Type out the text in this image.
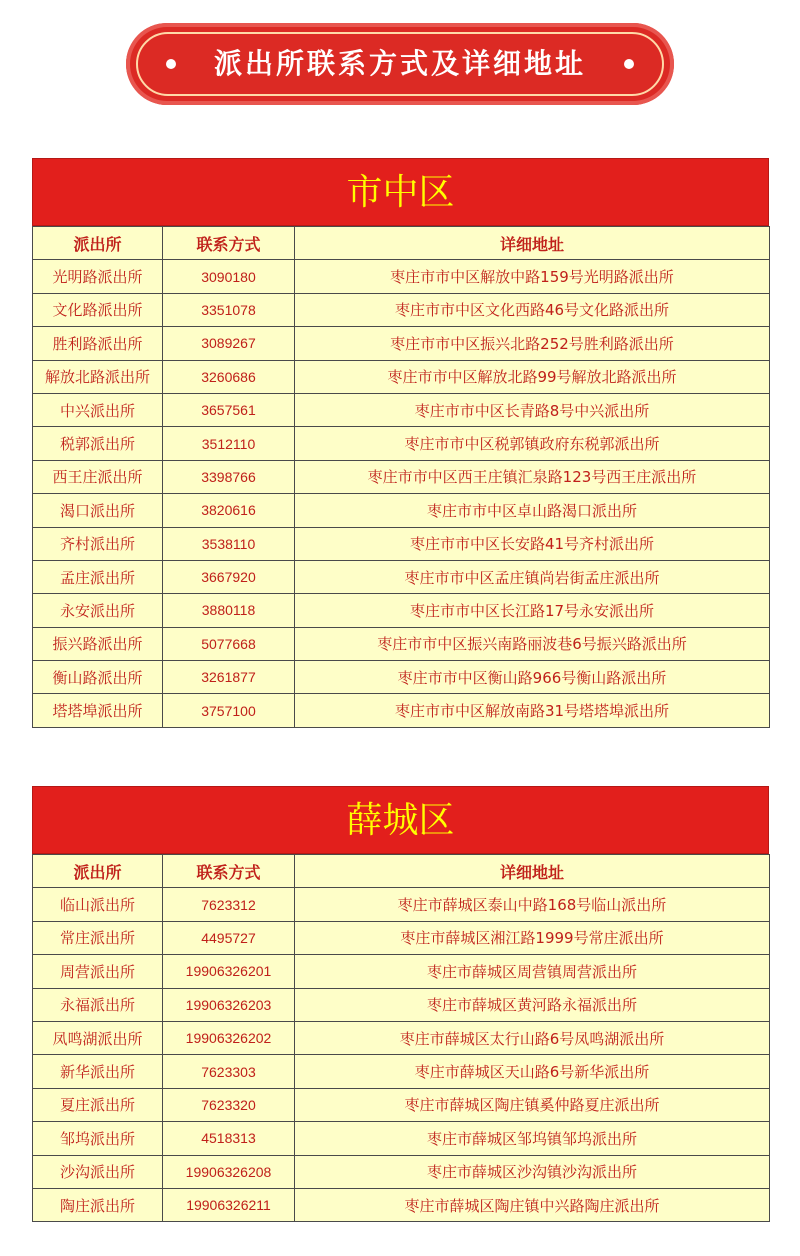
派出所联系方式及详细地址
市中区
派出所	联系方式	详细地址
光明路派出所	3090180	枣庄市市中区解放中路159号光明路派出所
文化路派出所	3351078	枣庄市市中区文化西路46号文化路派出所
胜利路派出所	3089267	枣庄市市中区振兴北路252号胜利路派出所
解放北路派出所	3260686	枣庄市市中区解放北路99号解放北路派出所
中兴派出所	3657561	枣庄市市中区长青路8号中兴派出所
税郭派出所	3512110	枣庄市市中区税郭镇政府东税郭派出所
西王庄派出所	3398766	枣庄市市中区西王庄镇汇泉路123号西王庄派出所
渴口派出所	3820616	枣庄市市中区卓山路渴口派出所
齐村派出所	3538110	枣庄市市中区长安路41号齐村派出所
孟庄派出所	3667920	枣庄市市中区孟庄镇尚岩街孟庄派出所
永安派出所	3880118	枣庄市市中区长江路17号永安派出所
振兴路派出所	5077668	枣庄市市中区振兴南路丽波巷6号振兴路派出所
衡山路派出所	3261877	枣庄市市中区衡山路966号衡山路派出所
塔塔埠派出所	3757100	枣庄市市中区解放南路31号塔塔埠派出所
薛城区
派出所	联系方式	详细地址
临山派出所	7623312	枣庄市薛城区泰山中路168号临山派出所
常庄派出所	4495727	枣庄市薛城区湘江路1999号常庄派出所
周营派出所	19906326201	枣庄市薛城区周营镇周营派出所
永福派出所	19906326203	枣庄市薛城区黄河路永福派出所
凤鸣湖派出所	19906326202	枣庄市薛城区太行山路6号凤鸣湖派出所
新华派出所	7623303	枣庄市薛城区天山路6号新华派出所
夏庄派出所	7623320	枣庄市薛城区陶庄镇奚仲路夏庄派出所
邹坞派出所	4518313	枣庄市薛城区邹坞镇邹坞派出所
沙沟派出所	19906326208	枣庄市薛城区沙沟镇沙沟派出所
陶庄派出所	19906326211	枣庄市薛城区陶庄镇中兴路陶庄派出所
